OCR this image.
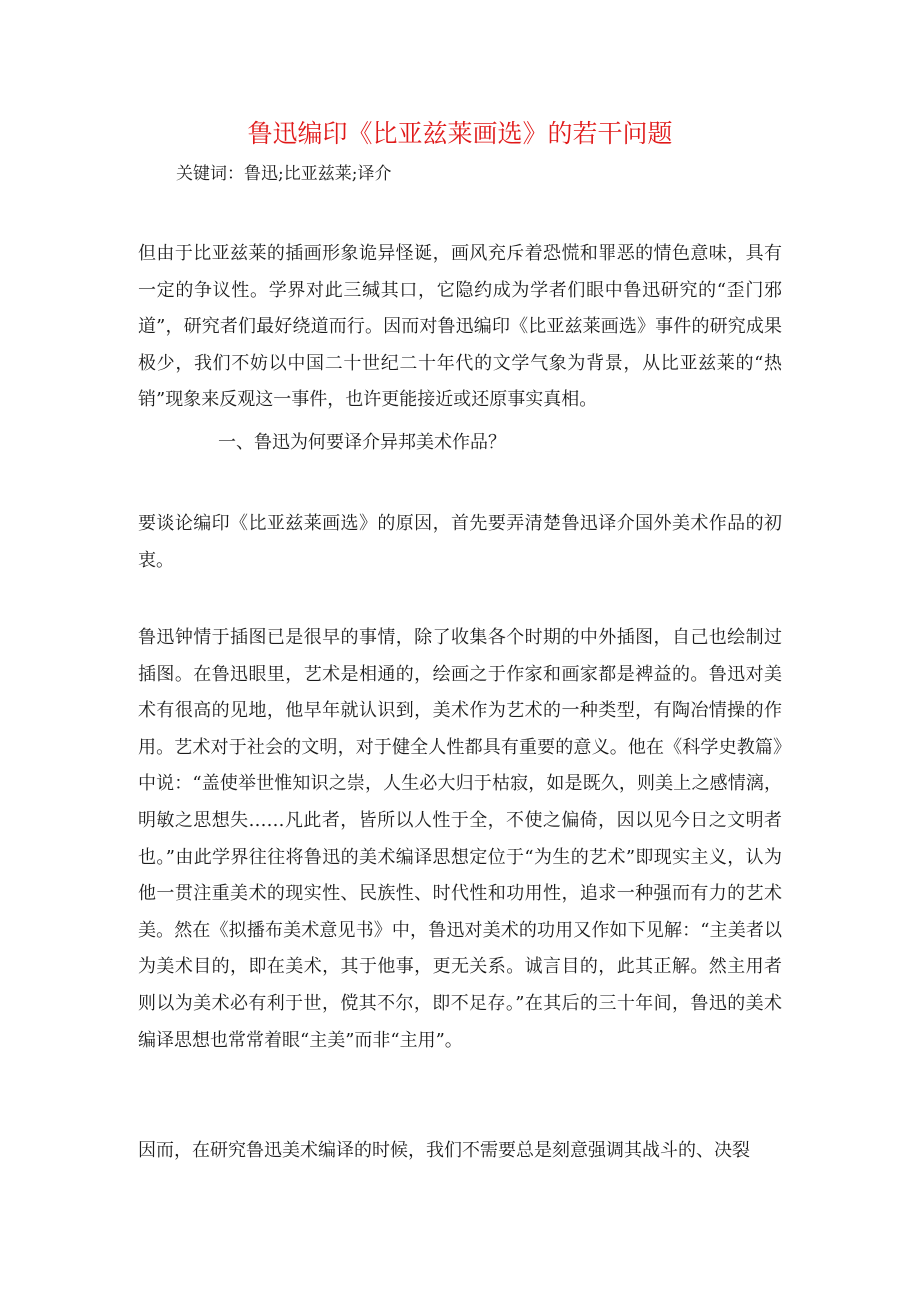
鲁迅编印《比亚兹莱画选》的若干问题
关键词：鲁迅;比亚兹莱;译介

但由于比亚兹莱的插画形象诡异怪诞，画风充斥着恐慌和罪恶的情色意味，具有一定的争议性。学界对此三缄其口，它隐约成为学者们眼中鲁迅研究的“歪门邪道”，研究者们最好绕道而行。因而对鲁迅编印《比亚兹莱画选》事件的研究成果极少，我们不妨以中国二十世纪二十年代的文学气象为背景，从比亚兹莱的“热销”现象来反观这一事件，也许更能接近或还原事实真相。

一、鲁迅为何要译介异邦美术作品？

要谈论编印《比亚兹莱画选》的原因，首先要弄清楚鲁迅译介国外美术作品的初衷。

鲁迅钟情于插图已是很早的事情，除了收集各个时期的中外插图，自己也绘制过插图。在鲁迅眼里，艺术是相通的，绘画之于作家和画家都是裨益的。鲁迅对美术有很高的见地，他早年就认识到，美术作为艺术的一种类型，有陶冶情操的作用。艺术对于社会的文明，对于健全人性都具有重要的意义。他在《科学史教篇》中说：“盖使举世惟知识之崇，人生必大归于枯寂，如是既久，则美上之感情漓，明敏之思想失……凡此者，皆所以人性于全，不使之偏倚，因以见今日之文明者也。”由此学界往往将鲁迅的美术编译思想定位于“为生的艺术”即现实主义，认为他一贯注重美术的现实性、民族性、时代性和功用性，追求一种强而有力的艺术美。然在《拟播布美术意见书》中，鲁迅对美术的功用又作如下见解：“主美者以为美术目的，即在美术，其于他事，更无关系。诚言目的，此其正解。然主用者则以为美术必有利于世，傥其不尔，即不足存。”在其后的三十年间，鲁迅的美术编译思想也常常着眼“主美”而非“主用”。

因而，在研究鲁迅美术编译的时候，我们不需要总是刻意强调其战斗的、决裂
